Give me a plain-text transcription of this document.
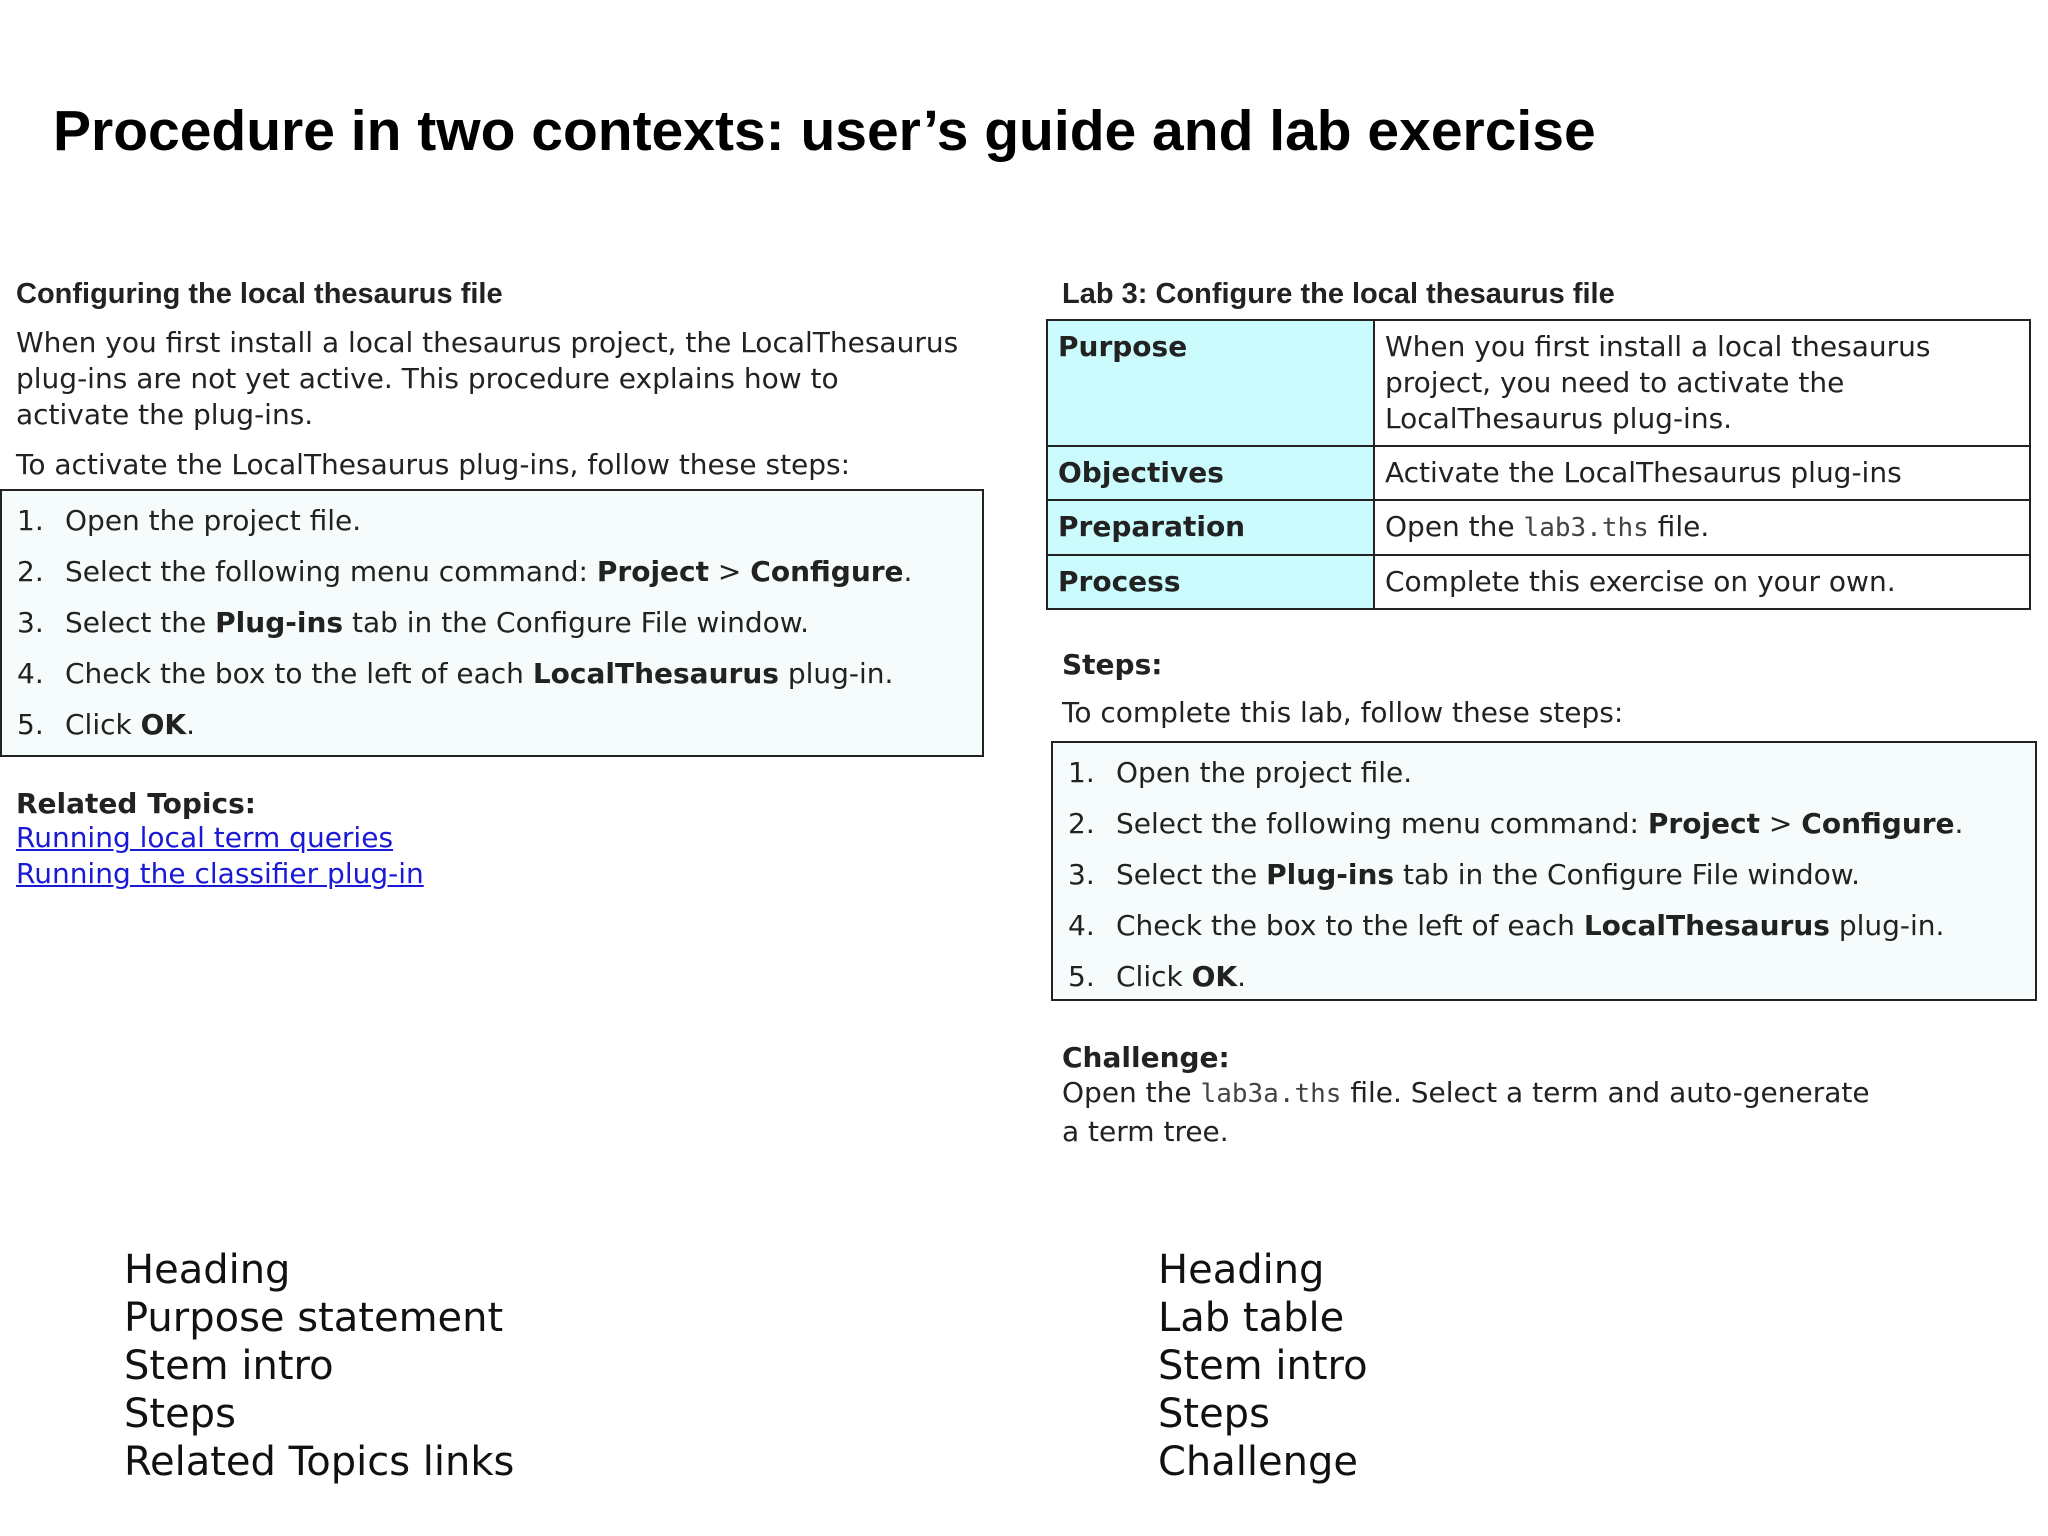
Procedure in two contexts: user’s guide and lab exercise
Configuring the local thesaurus file

When you first install a local thesaurus project, the LocalThesaurus
plug-ins are not yet active. This procedure explains how to
activate the plug-ins.

To activate the LocalThesaurus plug-ins, follow these steps:

1. Open the project file.
2. Select the following menu command: Project > Configure.
3. Select the Plug-ins tab in the Configure File window.
4. Check the box to the left of each LocalThesaurus plug-in.
5. Click OK.

Related Topics:

Running local term queries
Running the classifier plug-in
Lab 3: Configure the local thesaurus file
Purpose	When you first install a local thesaurus
project, you need to activate the
LocalThesaurus plug-ins.
Objectives	Activate the LocalThesaurus plug-ins
Preparation	Open the lab3.ths file.
Process	Complete this exercise on your own.

Steps:

To complete this lab, follow these steps:

1. Open the project file.
2. Select the following menu command: Project > Configure.
3. Select the Plug-ins tab in the Configure File window.
4. Check the box to the left of each LocalThesaurus plug-in.
5. Click OK.

Challenge:

Open the lab3a.ths file. Select a term and auto-generate
a term tree.

Heading
Purpose statement
Stem intro
Steps
Related Topics links
Heading
Lab table
Stem intro
Steps
Challenge
